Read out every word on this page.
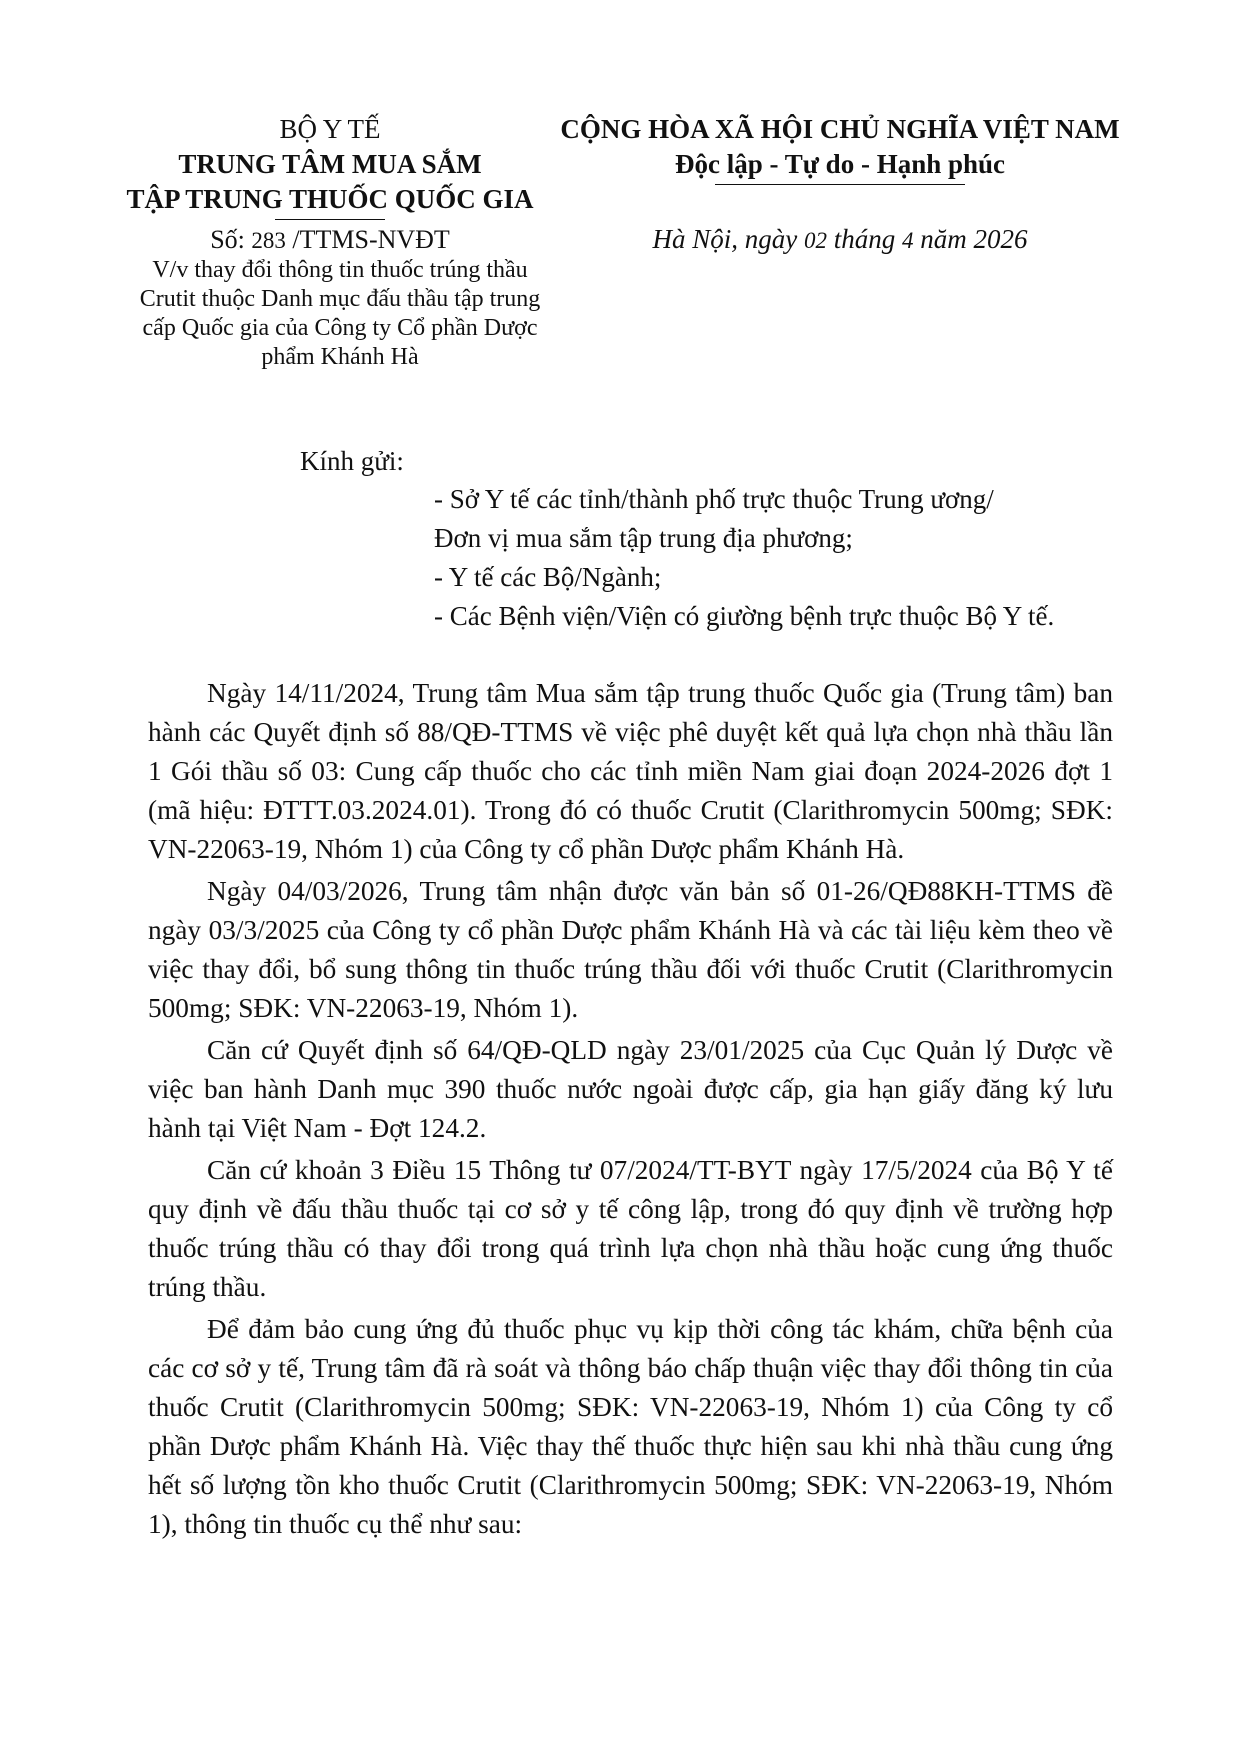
BỘ Y TẾ
TRUNG TÂM MUA SẮM
TẬP TRUNG THUỐC QUỐC GIA
CỘNG HÒA XÃ HỘI CHỦ NGHĨA VIỆT NAM
Độc lập - Tự do - Hạnh phúc
Số: 283 /TTMS-NVĐT
V/v thay đổi thông tin thuốc trúng thầu
Crutit thuộc Danh mục đấu thầu tập trung
cấp Quốc gia của Công ty Cổ phần Dược
phẩm Khánh Hà
Hà Nội, ngày 02 tháng 4 năm 2026
Kính gửi:
- Sở Y tế các tỉnh/thành phố trực thuộc Trung ương/
Đơn vị mua sắm tập trung địa phương;
- Y tế các Bộ/Ngành;
- Các Bệnh viện/Viện có giường bệnh trực thuộc Bộ Y tế.

Ngày 14/11/2024, Trung tâm Mua sắm tập trung thuốc Quốc gia (Trung tâm) ban hành các Quyết định số 88/QĐ-TTMS về việc phê duyệt kết quả lựa chọn nhà thầu lần 1 Gói thầu số 03: Cung cấp thuốc cho các tỉnh miền Nam giai đoạn 2024-2026 đợt 1 (mã hiệu: ĐTTT.03.2024.01). Trong đó có thuốc Crutit (Clarithromycin 500mg; SĐK: VN-22063-19, Nhóm 1) của Công ty cổ phần Dược phẩm Khánh Hà.

Ngày 04/03/2026, Trung tâm nhận được văn bản số 01-26/QĐ88KH-TTMS đề ngày 03/3/2025 của Công ty cổ phần Dược phẩm Khánh Hà và các tài liệu kèm theo về việc thay đổi, bổ sung thông tin thuốc trúng thầu đối với thuốc Crutit (Clarithromycin 500mg; SĐK: VN-22063-19, Nhóm 1).

Căn cứ Quyết định số 64/QĐ-QLD ngày 23/01/2025 của Cục Quản lý Dược về việc ban hành Danh mục 390 thuốc nước ngoài được cấp, gia hạn giấy đăng ký lưu hành tại Việt Nam - Đợt 124.2.

Căn cứ khoản 3 Điều 15 Thông tư 07/2024/TT-BYT ngày 17/5/2024 của Bộ Y tế quy định về đấu thầu thuốc tại cơ sở y tế công lập, trong đó quy định về trường hợp thuốc trúng thầu có thay đổi trong quá trình lựa chọn nhà thầu hoặc cung ứng thuốc trúng thầu.

Để đảm bảo cung ứng đủ thuốc phục vụ kịp thời công tác khám, chữa bệnh của các cơ sở y tế, Trung tâm đã rà soát và thông báo chấp thuận việc thay đổi thông tin của thuốc Crutit (Clarithromycin 500mg; SĐK: VN-22063-19, Nhóm 1) của Công ty cổ phần Dược phẩm Khánh Hà. Việc thay thế thuốc thực hiện sau khi nhà thầu cung ứng hết số lượng tồn kho thuốc Crutit (Clarithromycin 500mg; SĐK: VN-22063-19, Nhóm 1), thông tin thuốc cụ thể như sau:
